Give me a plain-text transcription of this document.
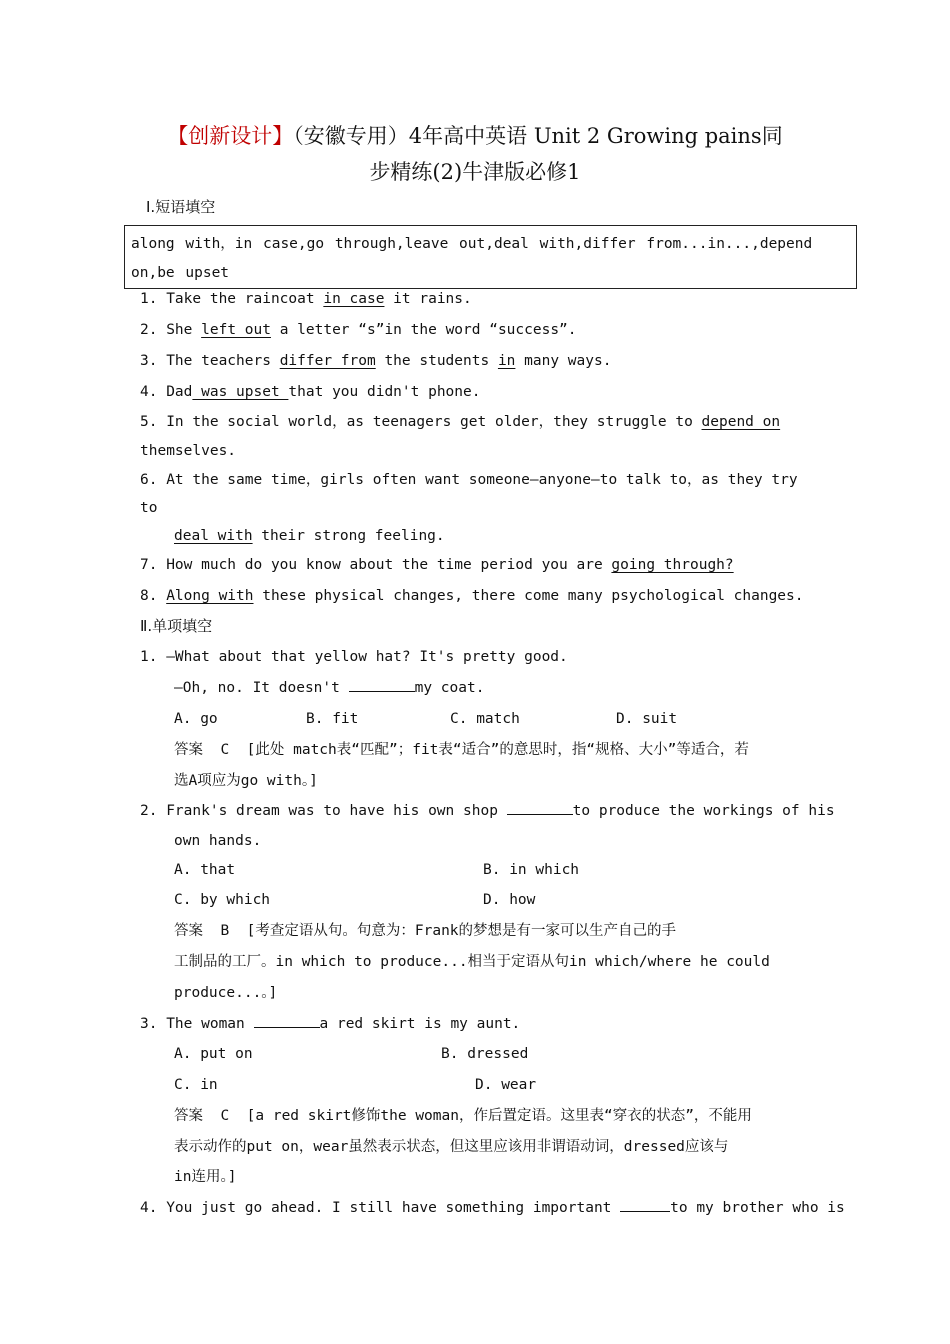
【创新设计】（安徽专用）4年高中英语 Unit 2 Growing pains同
步精练(2)牛津版必修1
Ⅰ.短语填空
along with，in case,go through,leave out,deal with,differ from...in...,depend on,be upset
1. Take the raincoat in case it rains.
2. She left out a letter “s”in the word “success”.
3. The teachers differ from the students in many ways.
4. Dad was upset that you didn't phone.
5. In the social world，as teenagers get older，they struggle to depend on
themselves.
6. At the same time，girls often want someone—anyone—to talk to，as they try
to
deal with their strong feeling.
7. How much do you know about the time period you are going through?
8. Along with these physical changes, there come many psychological changes.
Ⅱ.单项填空
1. —What about that yellow hat? It's pretty good.
—Oh, no. It doesn't	my coat.
A. go	B. fit	C. match	D. suit
答案  C  [此处 match表“匹配”；fit表“适合”的意思时，指“规格、大小”等适合，若
选A项应为go with。]
2. Frank's dream was to have his own shop	to produce the workings of his
own hands.
A. that	B. in which
C. by which	D. how
答案  B  [考查定语从句。句意为：Frank的梦想是有一家可以生产自己的手
工制品的工厂。in which to produce...相当于定语从句in which/where he could
produce...。]
3. The woman	a red skirt is my aunt.
A. put on	B. dressed
C. in	D. wear
答案  C  [a red skirt修饰the woman，作后置定语。这里表“穿衣的状态”，不能用
表示动作的put on，wear虽然表示状态，但这里应该用非谓语动词，dressed应该与
in连用。]
4. You just go ahead. I still have something important	to my brother who is
